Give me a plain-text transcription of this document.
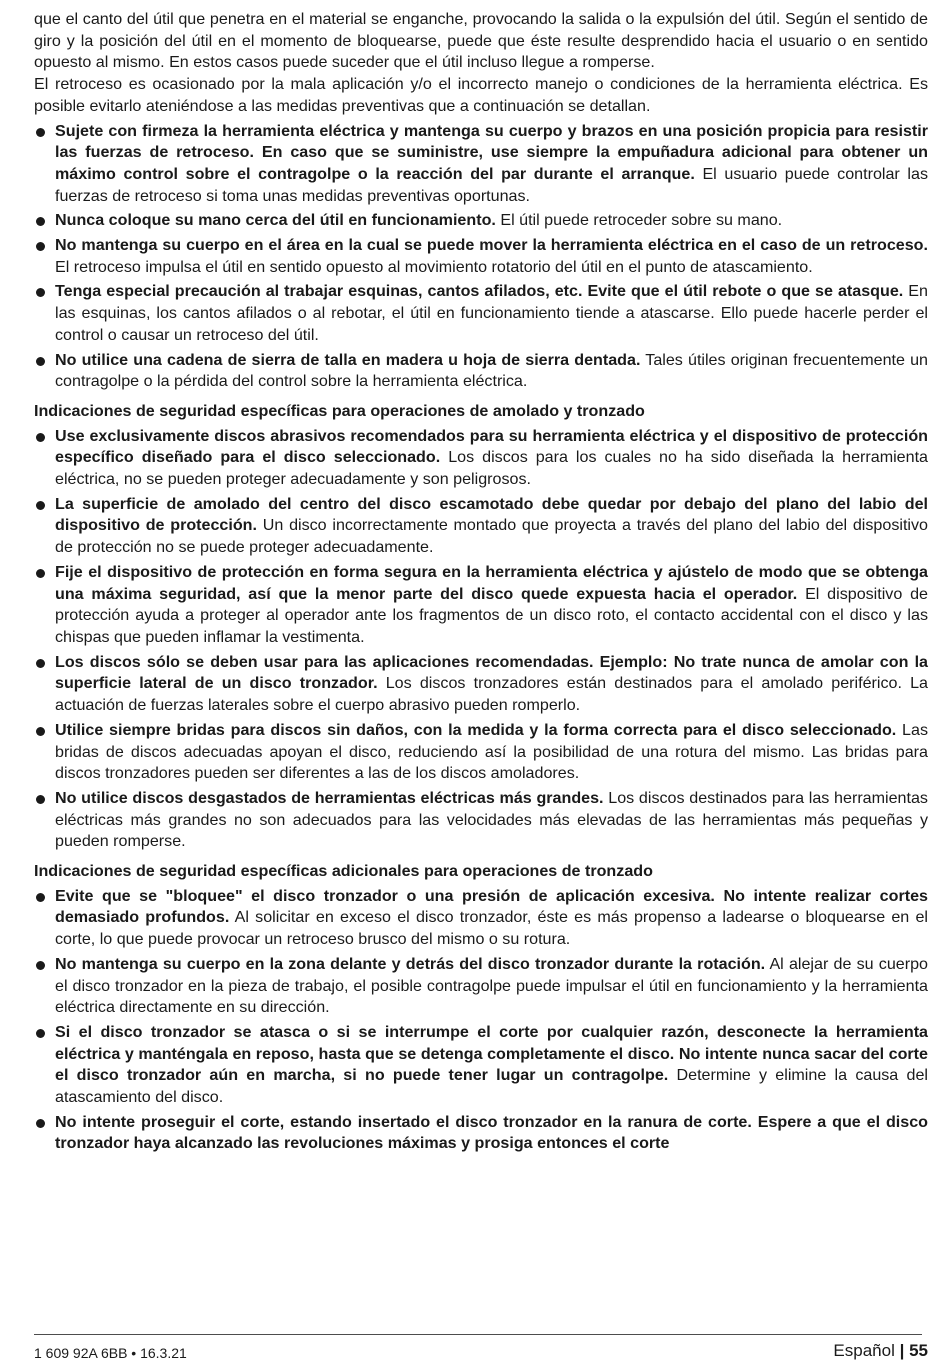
que el canto del útil que penetra en el material se enganche, provocando la salida o la expulsión del útil. Según el sentido de giro y la posición del útil en el momento de bloquearse, puede que éste resulte desprendido hacia el usuario o en sentido opuesto al mismo. En estos casos puede suceder que el útil incluso llegue a romperse.

El retroceso es ocasionado por la mala aplicación y/o el incorrecto manejo o condiciones de la herramienta eléctrica. Es posible evitarlo ateniéndose a las medidas preventivas que a continuación se detallan.

Sujete con firmeza la herramienta eléctrica y mantenga su cuerpo y brazos en una posición propicia para resistir las fuerzas de retroceso. En caso que se suministre, use siempre la empuñadura adicional para obtener un máximo control sobre el contragolpe o la reacción del par durante el arranque. El usuario puede controlar las fuerzas de retroceso si toma unas medidas preventivas oportunas.
Nunca coloque su mano cerca del útil en funcionamiento. El útil puede retroceder sobre su mano.
No mantenga su cuerpo en el área en la cual se puede mover la herramienta eléctrica en el caso de un retroceso. El retroceso impulsa el útil en sentido opuesto al movimiento rotatorio del útil en el punto de atascamiento.
Tenga especial precaución al trabajar esquinas, cantos afilados, etc. Evite que el útil rebote o que se atasque. En las esquinas, los cantos afilados o al rebotar, el útil en funcionamiento tiende a atascarse. Ello puede hacerle perder el control o causar un retroceso del útil.
No utilice una cadena de sierra de talla en madera u hoja de sierra dentada. Tales útiles originan frecuentemente un contragolpe o la pérdida del control sobre la herramienta eléctrica.
Indicaciones de seguridad específicas para operaciones de amolado y tronzado
Use exclusivamente discos abrasivos recomendados para su herramienta eléctrica y el dispositivo de protección específico diseñado para el disco seleccionado. Los discos para los cuales no ha sido diseñada la herramienta eléctrica, no se pueden proteger adecuadamente y son peligrosos.
La superficie de amolado del centro del disco escamotado debe quedar por debajo del plano del labio del dispositivo de protección. Un disco incorrectamente montado que proyecta a través del plano del labio del dispositivo de protección no se puede proteger adecuadamente.
Fije el dispositivo de protección en forma segura en la herramienta eléctrica y ajústelo de modo que se obtenga una máxima seguridad, así que la menor parte del disco quede expuesta hacia el operador. El dispositivo de protección ayuda a proteger al operador ante los fragmentos de un disco roto, el contacto accidental con el disco y las chispas que pueden inflamar la vestimenta.
Los discos sólo se deben usar para las aplicaciones recomendadas. Ejemplo: No trate nunca de amolar con la superficie lateral de un disco tronzador. Los discos tronzadores están destinados para el amolado periférico. La actuación de fuerzas laterales sobre el cuerpo abrasivo pueden romperlo.
Utilice siempre bridas para discos sin daños, con la medida y la forma correcta para el disco seleccionado. Las bridas de discos adecuadas apoyan el disco, reduciendo así la posibilidad de una rotura del mismo. Las bridas para discos tronzadores pueden ser diferentes a las de los discos amoladores.
No utilice discos desgastados de herramientas eléctricas más grandes. Los discos destinados para las herramientas eléctricas más grandes no son adecuados para las velocidades más elevadas de las herramientas más pequeñas y pueden romperse.
Indicaciones de seguridad específicas adicionales para operaciones de tronzado
Evite que se "bloquee" el disco tronzador o una presión de aplicación excesiva. No intente realizar cortes demasiado profundos. Al solicitar en exceso el disco tronzador, éste es más propenso a ladearse o bloquearse en el corte, lo que puede provocar un retroceso brusco del mismo o su rotura.
No mantenga su cuerpo en la zona delante y detrás del disco tronzador durante la rotación. Al alejar de su cuerpo el disco tronzador en la pieza de trabajo, el posible contragolpe puede impulsar el útil en funcionamiento y la herramienta eléctrica directamente en su dirección.
Si el disco tronzador se atasca o si se interrumpe el corte por cualquier razón, desconecte la herramienta eléctrica y manténgala en reposo, hasta que se detenga completamente el disco. No intente nunca sacar del corte el disco tronzador aún en marcha, si no puede tener lugar un contragolpe. Determine y elimine la causa del atascamiento del disco.
No intente proseguir el corte, estando insertado el disco tronzador en la ranura de corte. Espere a que el disco tronzador haya alcanzado las revoluciones máximas y prosiga entonces el corte
1 609 92A 6BB • 16.3.21	Español | 55
